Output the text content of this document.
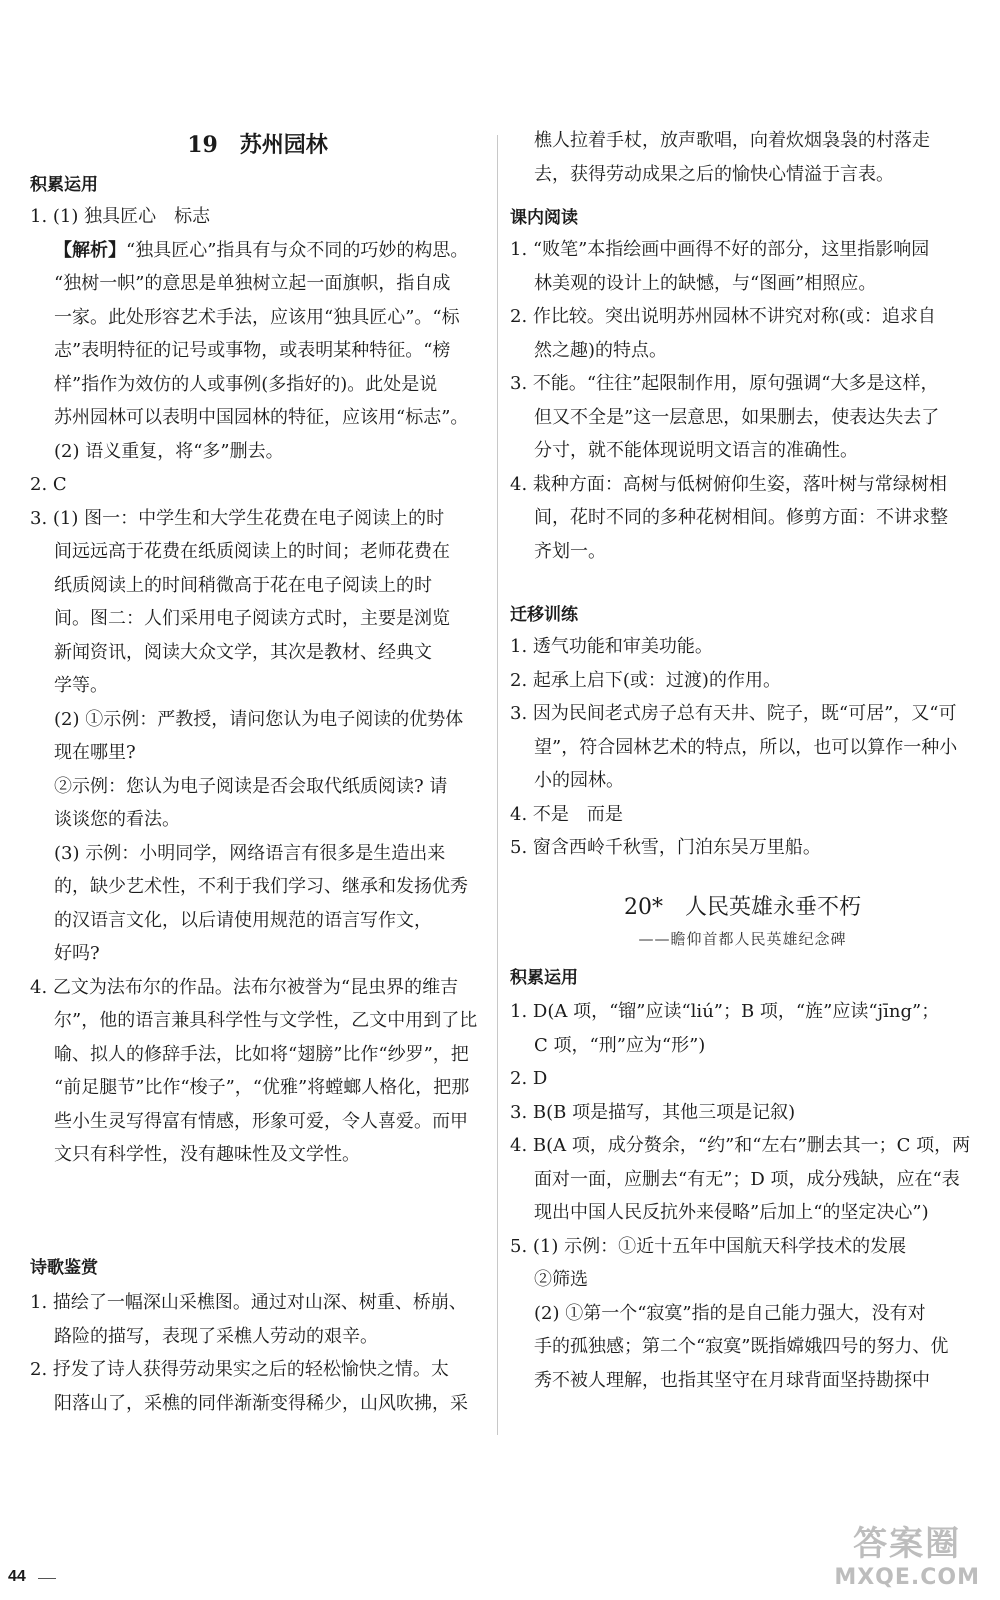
19　苏州园林
积累运用
1. (1) 独具匠心　标志
【解析】“独具匠心”指具有与众不同的巧妙的构思。
“独树一帜”的意思是单独树立起一面旗帜，指自成
一家。此处形容艺术手法，应该用“独具匠心”。“标
志”表明特征的记号或事物，或表明某种特征。“榜
样”指作为效仿的人或事例(多指好的)。此处是说
苏州园林可以表明中国园林的特征，应该用“标志”。
(2) 语义重复，将“多”删去。
2. C
3. (1) 图一：中学生和大学生花费在电子阅读上的时
间远远高于花费在纸质阅读上的时间；老师花费在
纸质阅读上的时间稍微高于花在电子阅读上的时
间。图二：人们采用电子阅读方式时，主要是浏览
新闻资讯，阅读大众文学，其次是教材、经典文
学等。
(2) ①示例：严教授，请问您认为电子阅读的优势体
现在哪里?
②示例：您认为电子阅读是否会取代纸质阅读? 请
谈谈您的看法。
(3) 示例：小明同学，网络语言有很多是生造出来
的，缺少艺术性，不利于我们学习、继承和发扬优秀
的汉语言文化，以后请使用规范的语言写作文，
好吗?
4. 乙文为法布尔的作品。法布尔被誉为“昆虫界的维吉
尔”，他的语言兼具科学性与文学性，乙文中用到了比
喻、拟人的修辞手法，比如将“翅膀”比作“纱罗”，把
“前足腿节”比作“梭子”，“优雅”将螳螂人格化，把那
些小生灵写得富有情感，形象可爱，令人喜爱。而甲
文只有科学性，没有趣味性及文学性。
诗歌鉴赏
1. 描绘了一幅深山采樵图。通过对山深、树重、桥崩、
路险的描写，表现了采樵人劳动的艰辛。
2. 抒发了诗人获得劳动果实之后的轻松愉快之情。太
阳落山了，采樵的同伴渐渐变得稀少，山风吹拂，采
樵人拉着手杖，放声歌唱，向着炊烟袅袅的村落走
去，获得劳动成果之后的愉快心情溢于言表。
课内阅读
1. “败笔”本指绘画中画得不好的部分，这里指影响园
林美观的设计上的缺憾，与“图画”相照应。
2. 作比较。突出说明苏州园林不讲究对称(或：追求自
然之趣)的特点。
3. 不能。“往往”起限制作用，原句强调“大多是这样，
但又不全是”这一层意思，如果删去，使表达失去了
分寸，就不能体现说明文语言的准确性。
4. 栽种方面：高树与低树俯仰生姿，落叶树与常绿树相
间，花时不同的多种花树相间。修剪方面：不讲求整
齐划一。
迁移训练
1. 透气功能和审美功能。
2. 起承上启下(或：过渡)的作用。
3. 因为民间老式房子总有天井、院子，既“可居”，又“可
望”，符合园林艺术的特点，所以，也可以算作一种小
小的园林。
4. 不是　而是
5. 窗含西岭千秋雪，门泊东吴万里船。
20*　人民英雄永垂不朽
——瞻仰首都人民英雄纪念碑
积累运用
1. D(A 项，“镏”应读“liú”；B 项，“旌”应读“jīng”；
C 项，“刑”应为“形”)
2. D
3. B(B 项是描写，其他三项是记叙)
4. B(A 项，成分赘余，“约”和“左右”删去其一；C 项，两
面对一面，应删去“有无”；D 项，成分残缺，应在“表
现出中国人民反抗外来侵略”后加上“的坚定决心”)
5. (1) 示例：①近十五年中国航天科学技术的发展
②筛选
(2) ①第一个“寂寞”指的是自己能力强大，没有对
手的孤独感；第二个“寂寞”既指嫦娥四号的努力、优
秀不被人理解，也指其坚守在月球背面坚持勘探中
44
答案圈
MXQE.COM
